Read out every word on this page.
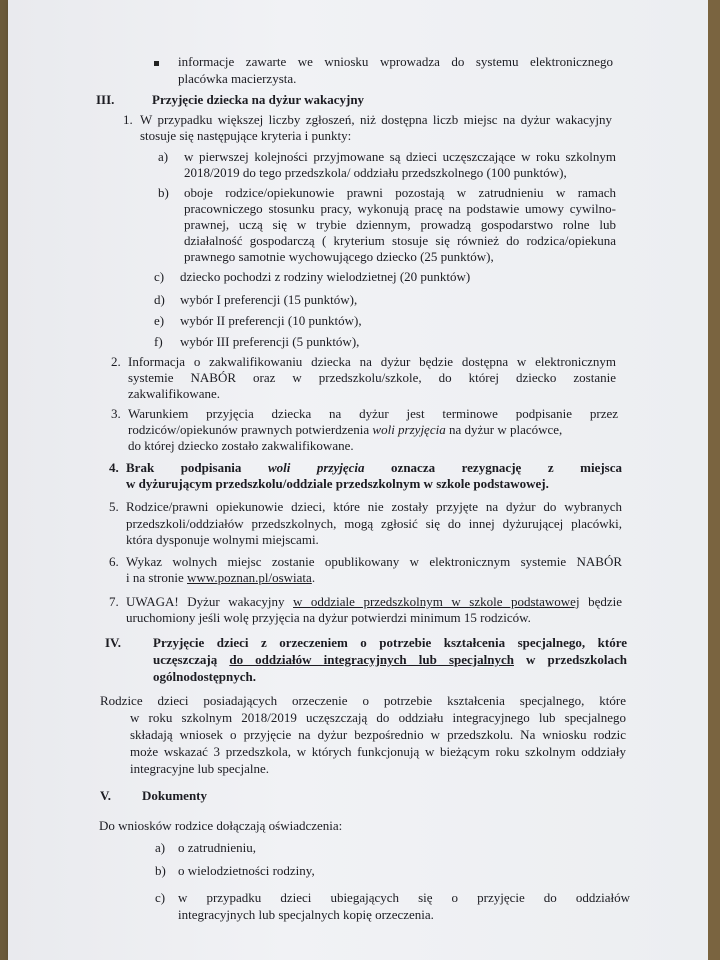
informacje zawarte we wniosku wprowadza do systemu elektronicznego
placówka macierzysta.
III.	Przyjęcie dziecka na dyżur wakacyjny
1. W przypadku większej liczby zgłoszeń, niż dostępna liczb miejsc na dyżur wakacyjny
stosuje się następujące kryteria i punkty:
a) w pierwszej kolejności przyjmowane są dzieci uczęszczające w roku szkolnym
2018/2019 do tego przedszkola/ oddziału przedszkolnego (100 punktów),
b) oboje rodzice/opiekunowie prawni pozostają w zatrudnieniu w ramach
pracowniczego stosunku pracy, wykonują pracę na podstawie umowy cywilno-
prawnej, uczą się w trybie dziennym, prowadzą gospodarstwo rolne lub
działalność gospodarczą ( kryterium stosuje się również do rodzica/opiekuna
prawnego samotnie wychowującego dziecko (25 punktów),
c) dziecko pochodzi z rodziny wielodzietnej (20 punktów)
d) wybór I preferencji (15 punktów),
e) wybór II preferencji (10 punktów),
f) wybór III preferencji (5 punktów),
2. Informacja o zakwalifikowaniu dziecka na dyżur będzie dostępna w elektronicznym
systemie NABÓR oraz w przedszkolu/szkole, do której dziecko zostanie
zakwalifikowane.
3. Warunkiem przyjęcia dziecka na dyżur jest terminowe podpisanie przez
rodziców/opiekunów prawnych potwierdzenia woli przyjęcia na dyżur w placówce,
do której dziecko zostało zakwalifikowane.
4. Brak podpisania woli przyjęcia oznacza rezygnację z miejsca
w dyżurującym przedszkolu/oddziale przedszkolnym w szkole podstawowej.
5. Rodzice/prawni opiekunowie dzieci, które nie zostały przyjęte na dyżur do wybranych
przedszkoli/oddziałów przedszkolnych, mogą zgłosić się do innej dyżurującej placówki,
która dysponuje wolnymi miejscami.
6. Wykaz wolnych miejsc zostanie opublikowany w elektronicznym systemie NABÓR
i na stronie www.poznan.pl/oswiata.
7. UWAGA! Dyżur wakacyjny w oddziale przedszkolnym w szkole podstawowej będzie
uruchomiony jeśli wolę przyjęcia na dyżur potwierdzi minimum 15 rodziców.
IV. Przyjęcie dzieci z orzeczeniem o potrzebie kształcenia specjalnego, które
uczęszczają do oddziałów integracyjnych lub specjalnych w przedszkolach
ogólnodostępnych.
Rodzice dzieci posiadających orzeczenie o potrzebie kształcenia specjalnego, które
w roku szkolnym 2018/2019 uczęszczają do oddziału integracyjnego lub specjalnego
składają wniosek o przyjęcie na dyżur bezpośrednio w przedszkolu. Na wniosku rodzic
może wskazać 3 przedszkola, w których funkcjonują w bieżącym roku szkolnym oddziały
integracyjne lub specjalne.
V. Dokumenty
Do wniosków rodzice dołączają oświadczenia:
a) o zatrudnieniu,
b) o wielodzietności rodziny,
c) w przypadku dzieci ubiegających się o przyjęcie do oddziałów
integracyjnych lub specjalnych kopię orzeczenia.
